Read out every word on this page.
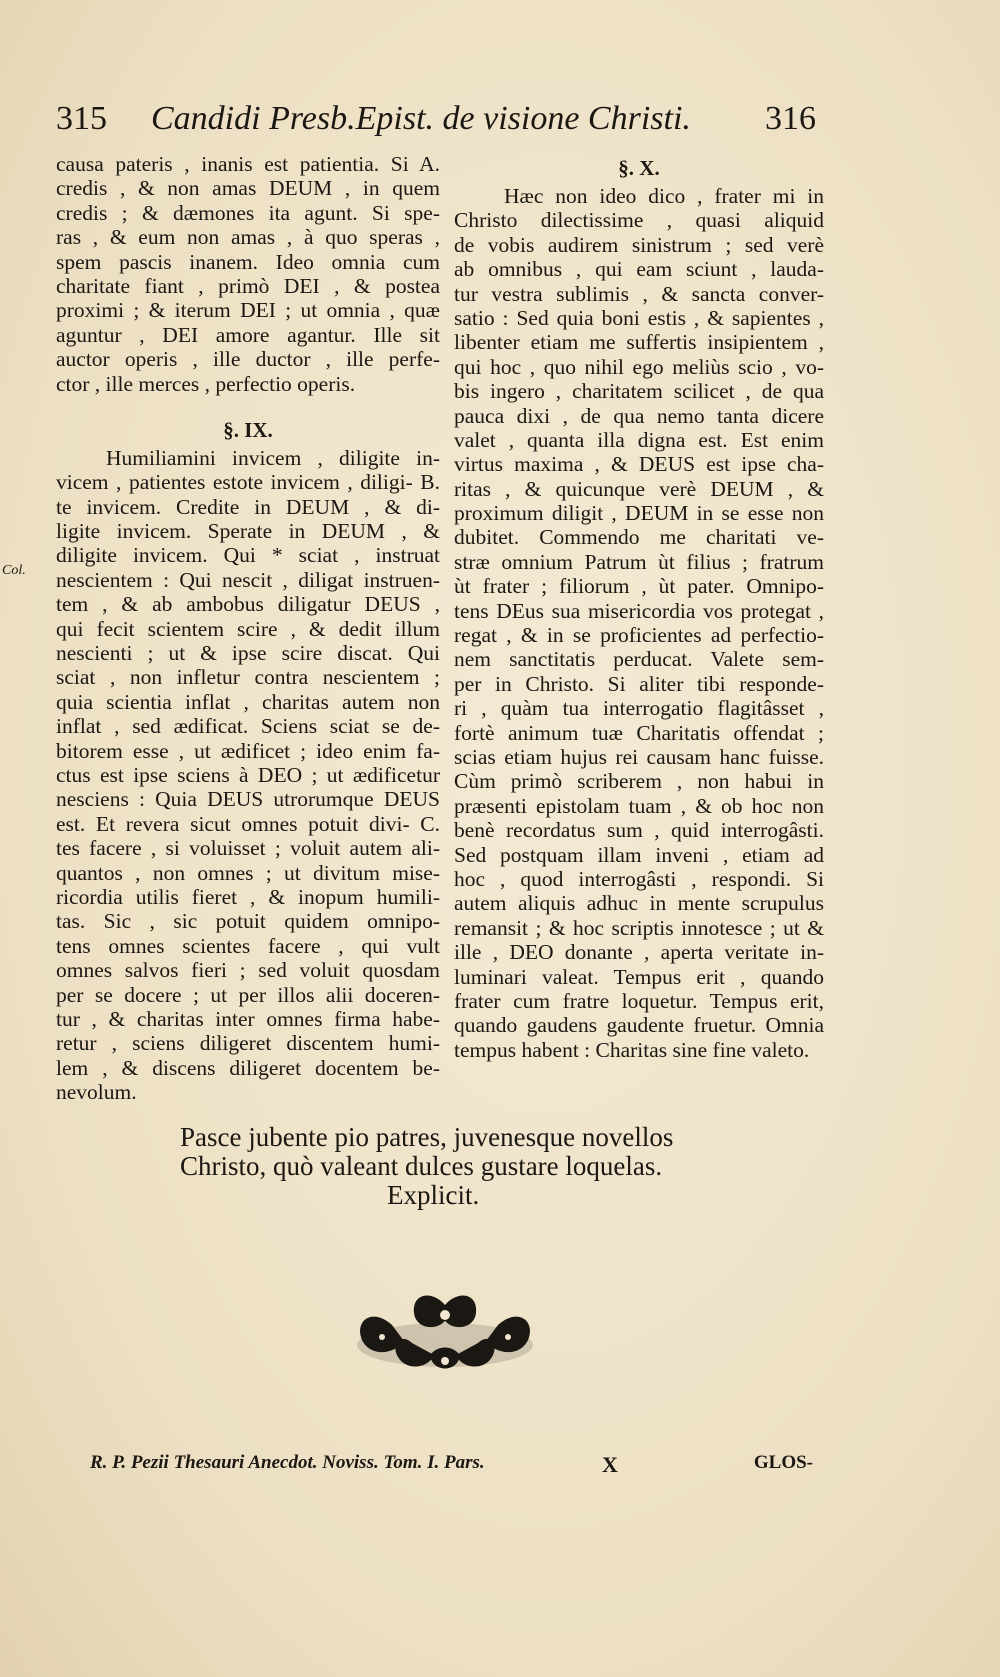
315 Candidi Presb.Epist. de visione Christi. 316
Col.
causa pateris , inanis est patientia. Si A.
credis , & non amas DEUM , in quem
credis ; & dæmones ita agunt. Si spe-
ras , & eum non amas , à quo speras ,
spem pascis inanem. Ideo omnia cum
charitate fiant , primò DEI , & postea
proximi ; & iterum DEI ; ut omnia , quæ
aguntur , DEI amore agantur. Ille sit
auctor operis , ille ductor , ille perfe-
ctor , ille merces , perfectio operis.
§. IX.
Humiliamini invicem , diligite in-
vicem , patientes estote invicem , diligi- B.
te invicem. Credite in DEUM , & di-
ligite invicem. Sperate in DEUM , &
diligite invicem. Qui * sciat , instruat
nescientem : Qui nescit , diligat instruen-
tem , & ab ambobus diligatur DEUS ,
qui fecit scientem scire , & dedit illum
nescienti ; ut & ipse scire discat. Qui
sciat , non infletur contra nescientem ;
quia scientia inflat , charitas autem non
inflat , sed ædificat. Sciens sciat se de-
bitorem esse , ut ædificet ; ideo enim fa-
ctus est ipse sciens à DEO ; ut ædificetur
nesciens : Quia DEUS utrorumque DEUS
est. Et revera sicut omnes potuit divi- C.
tes facere , si voluisset ; voluit autem ali-
quantos , non omnes ; ut divitum mise-
ricordia utilis fieret , & inopum humili-
tas. Sic , sic potuit quidem omnipo-
tens omnes scientes facere , qui vult
omnes salvos fieri ; sed voluit quosdam
per se docere ; ut per illos alii doceren-
tur , & charitas inter omnes firma habe-
retur , sciens diligeret discentem humi-
lem , & discens diligeret docentem be-
nevolum.
§. X.
Hæc non ideo dico , frater mi in
Christo dilectissime , quasi aliquid
de vobis audirem sinistrum ; sed verè
ab omnibus , qui eam sciunt , lauda-
tur vestra sublimis , & sancta conver-
satio : Sed quia boni estis , & sapientes ,
libenter etiam me suffertis insipientem ,
qui hoc , quo nihil ego meliùs scio , vo-
bis ingero , charitatem scilicet , de qua
pauca dixi , de qua nemo tanta dicere
valet , quanta illa digna est. Est enim
virtus maxima , & DEUS est ipse cha-
ritas , & quicunque verè DEUM , &
proximum diligit , DEUM in se esse non
dubitet. Commendo me charitati ve-
stræ omnium Patrum ùt filius ; fratrum
ùt frater ; filiorum , ùt pater. Omnipo-
tens DEus sua misericordia vos protegat ,
regat , & in se proficientes ad perfectio-
nem sanctitatis perducat. Valete sem-
per in Christo. Si aliter tibi responde-
ri , quàm tua interrogatio flagitâsset ,
fortè animum tuæ Charitatis offendat ;
scias etiam hujus rei causam hanc fuisse.
Cùm primò scriberem , non habui in
præsenti epistolam tuam , & ob hoc non
benè recordatus sum , quid interrogâsti.
Sed postquam illam inveni , etiam ad
hoc , quod interrogâsti , respondi. Si
autem aliquis adhuc in mente scrupulus
remansit ; & hoc scriptis innotesce ; ut &
ille , DEO donante , aperta veritate in-
luminari valeat. Tempus erit , quando
frater cum fratre loquetur. Tempus erit,
quando gaudens gaudente fruetur. Omnia
tempus habent : Charitas sine fine valeto.
Pasce jubente pio patres, juvenesque novellos
Christo, quò valeant dulces gustare loquelas.
Explicit.
R. P. Pezii Thesauri Anecdot. Noviss. Tom. I. Pars.	X	GLOS-
